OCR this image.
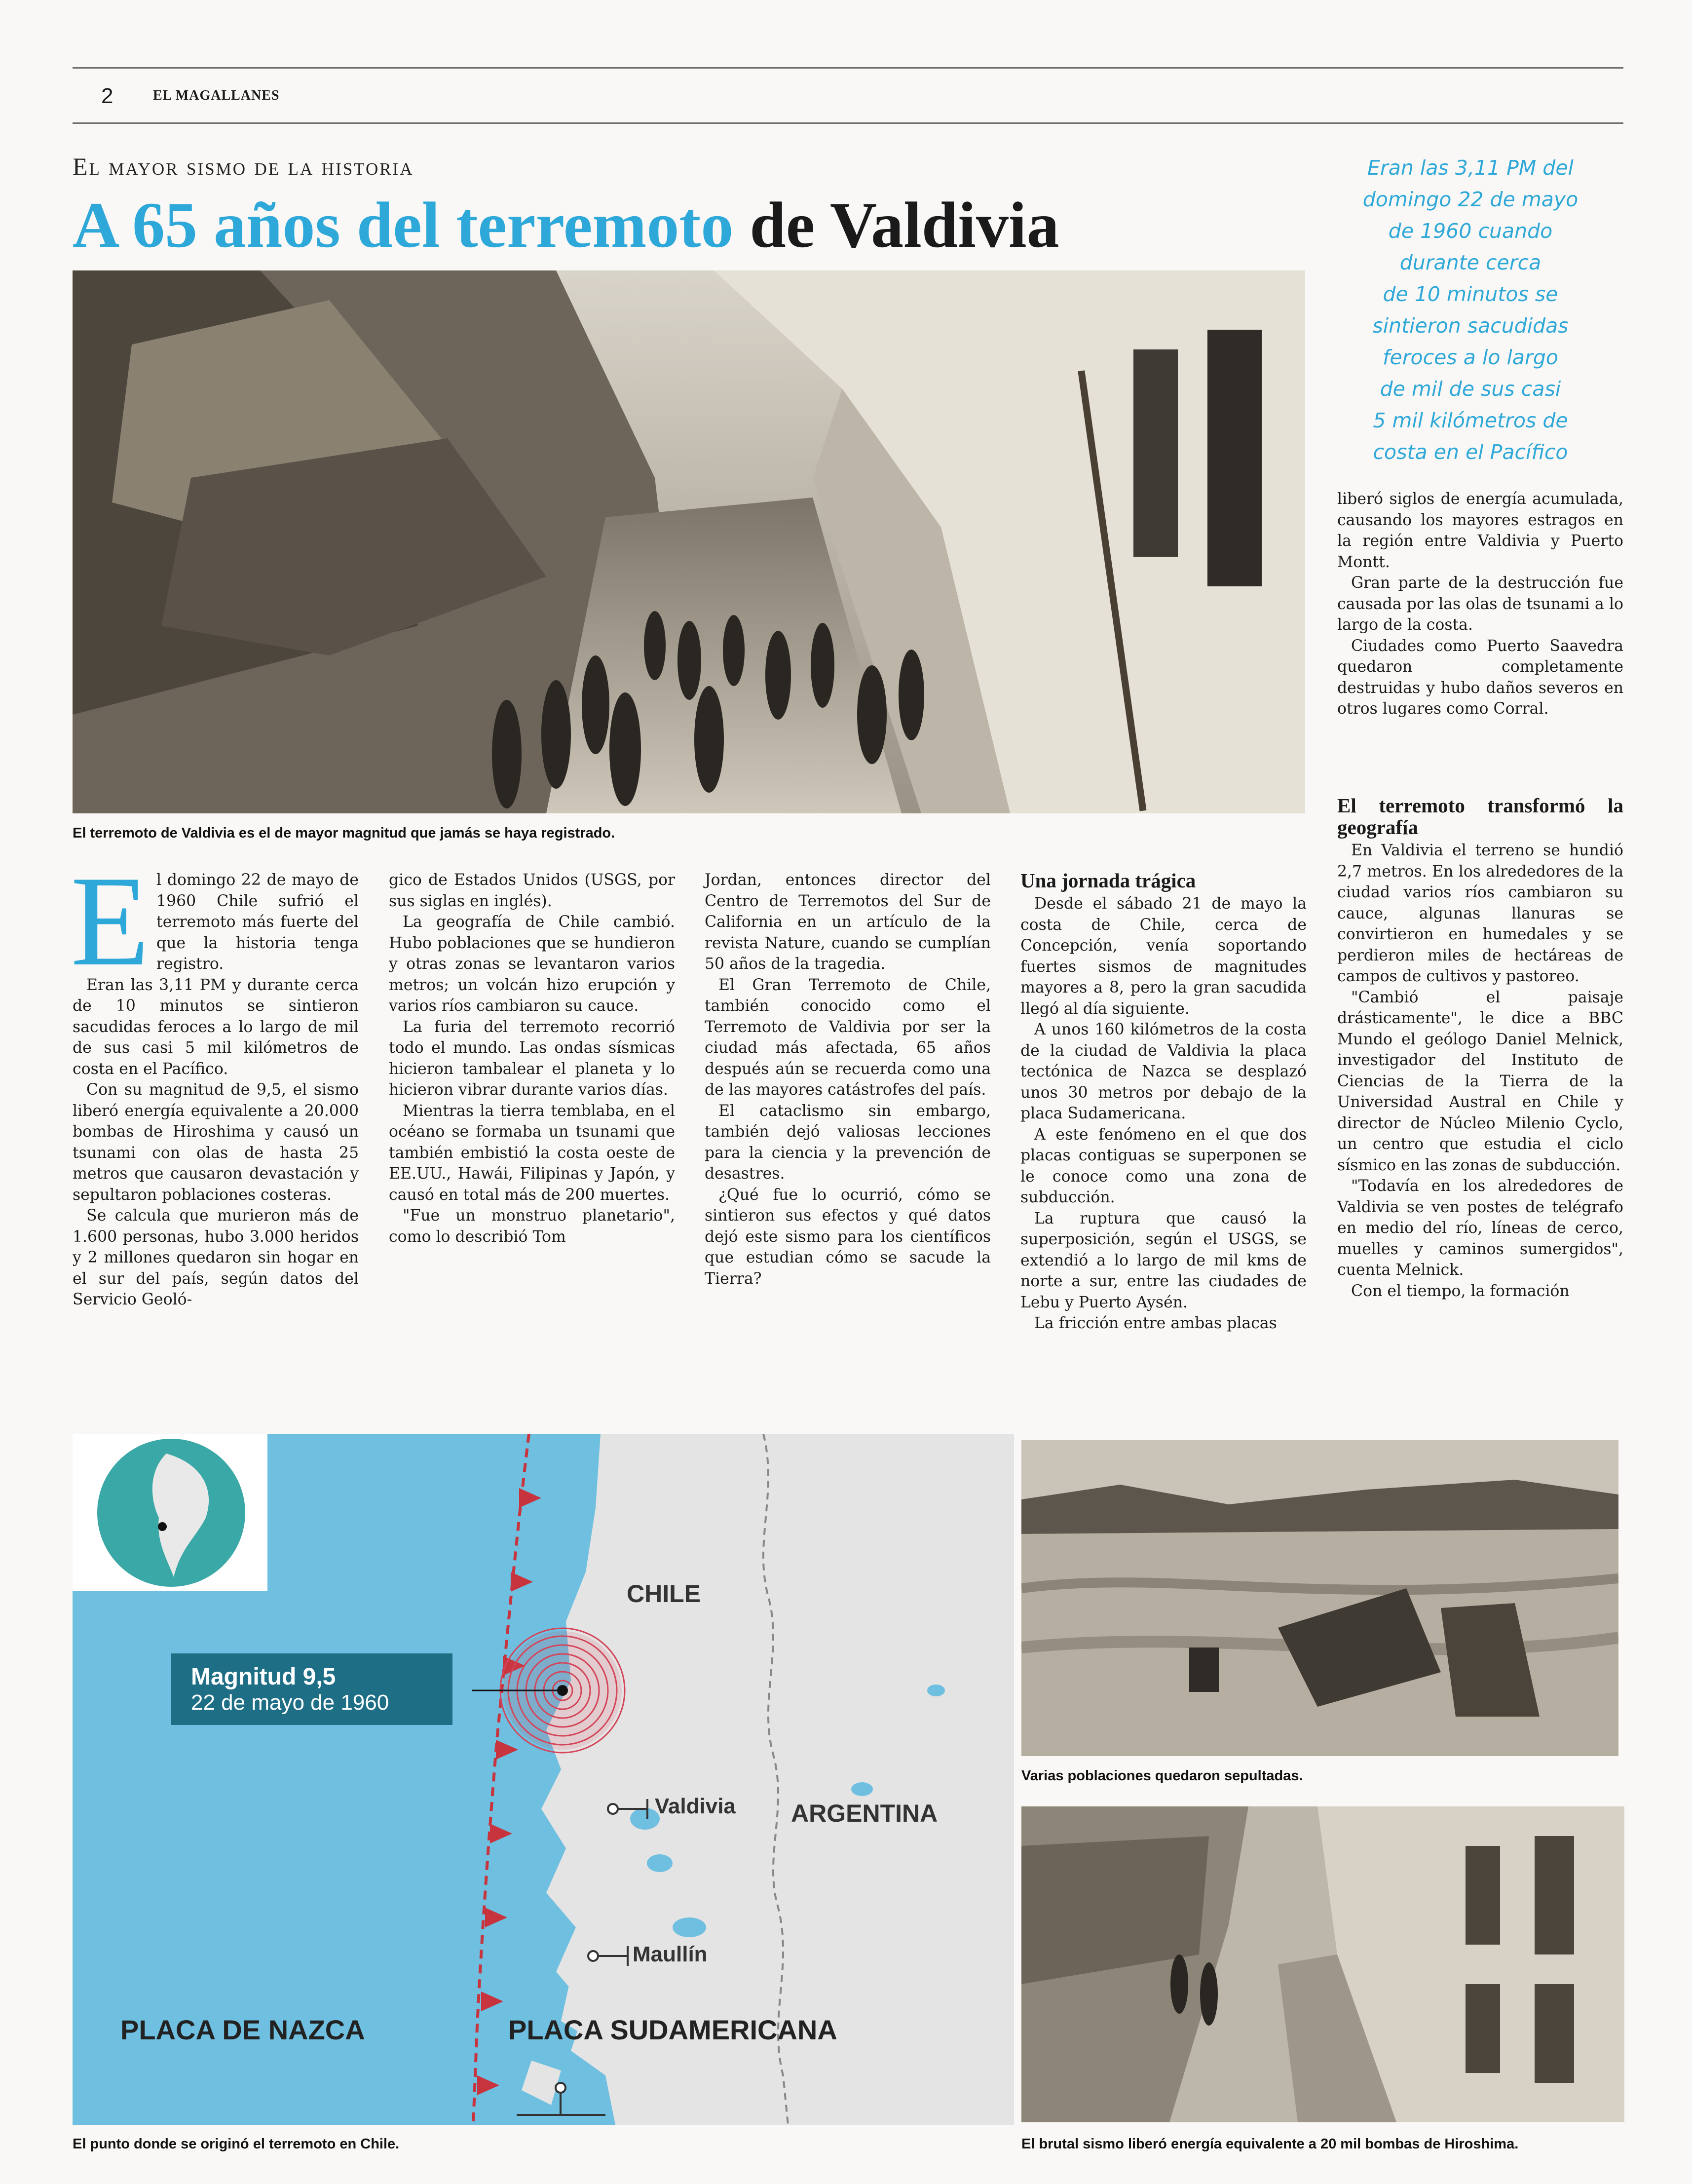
2	EL MAGALLANES
El mayor sismo de la historia
A 65 años del terremoto de Valdivia
El terremoto de Valdivia es el de mayor magnitud que jamás se haya registrado.
Eran las 3,11 PM del
domingo 22 de mayo
de 1960 cuando
durante cerca
de 10 minutos se
sintieron sacudidas
feroces a lo largo
de mil de sus casi
5 mil kilómetros de
costa en el Pacífico

liberó siglos de energía acumulada, causando los mayores estragos en la región entre Valdivia y Puerto Montt.

Gran parte de la destrucción fue causada por las olas de tsunami a lo largo de la costa.

Ciudades como Puerto Saavedra quedaron completamente destruidas y hubo daños severos en otros lugares como Corral.

E l domingo 22 de mayo de 1960 Chile sufrió el terremoto más fuerte del que la historia tenga registro.

Eran las 3,11 PM y durante cerca de 10 minutos se sintieron sacudidas feroces a lo largo de mil de sus casi 5 mil kilómetros de costa en el Pacífico.

Con su magnitud de 9,5, el sismo liberó energía equivalente a 20.000 bombas de Hiroshima y causó un tsunami con olas de hasta 25 metros que causaron devastación y sepultaron poblaciones costeras.

Se calcula que murieron más de 1.600 personas, hubo 3.000 heridos y 2 millones quedaron sin hogar en el sur del país, según datos del Servicio Geoló-

gico de Estados Unidos (USGS, por sus siglas en inglés).

La geografía de Chile cambió. Hubo poblaciones que se hundieron y otras zonas se levantaron varios metros; un volcán hizo erupción y varios ríos cambiaron su cauce.

La furia del terremoto recorrió todo el mundo. Las ondas sísmicas hicieron tambalear el planeta y lo hicieron vibrar durante varios días.

Mientras la tierra temblaba, en el océano se formaba un tsunami que también embistió la costa oeste de EE.UU., Hawái, Filipinas y Japón, y causó en total más de 200 muertes.

"Fue un monstruo planetario", como lo describió Tom

Jordan, entonces director del Centro de Terremotos del Sur de California en un artículo de la revista Nature, cuando se cumplían 50 años de la tragedia.

El Gran Terremoto de Chile, también conocido como el Terremoto de Valdivia por ser la ciudad más afectada, 65 años después aún se recuerda como una de las mayores catástrofes del país.

El cataclismo sin embargo, también dejó valiosas lecciones para la ciencia y la prevención de desastres.

¿Qué fue lo ocurrió, cómo se sintieron sus efectos y qué datos dejó este sismo para los científicos que estudian cómo se sacude la Tierra?

Una jornada trágica

Desde el sábado 21 de mayo la costa de Chile, cerca de Concepción, venía soportando fuertes sismos de magnitudes mayores a 8, pero la gran sacudida llegó al día siguiente.

A unos 160 kilómetros de la costa de la ciudad de Valdivia la placa tectónica de Nazca se desplazó unos 30 metros por debajo de la placa Sudamericana.

A este fenómeno en el que dos placas contiguas se superponen se le conoce como una zona de subducción.

La ruptura que causó la superposición, según el USGS, se extendió a lo largo de mil kms de norte a sur, entre las ciudades de Lebu y Puerto Aysén.

La fricción entre ambas placas

El terremoto transformó la geografía

En Valdivia el terreno se hundió 2,7 metros. En los alrededores de la ciudad varios ríos cambiaron su cauce, algunas llanuras se convirtieron en humedales y se perdieron miles de hectáreas de campos de cultivos y pastoreo.

"Cambió el paisaje drásticamente", le dice a BBC Mundo el geólogo Daniel Melnick, investigador del Instituto de Ciencias de la Tierra de la Universidad Austral en Chile y director de Núcleo Milenio Cyclo, un centro que estudia el ciclo sísmico en las zonas de subducción.

"Todavía en los alrededores de Valdivia se ven postes de telégrafo en medio del río, líneas de cerco, muelles y caminos sumergidos", cuenta Melnick.

Con el tiempo, la formación

Magnitud 9,5
22 de mayo de 1960
CHILE
ARGENTINA
Valdivia
Maullín
PLACA DE NAZCA	PLACA SUDAMERICANA
El punto donde se originó el terremoto en Chile.
Varias poblaciones quedaron sepultadas.
El brutal sismo liberó energía equivalente a 20 mil bombas de Hiroshima.
